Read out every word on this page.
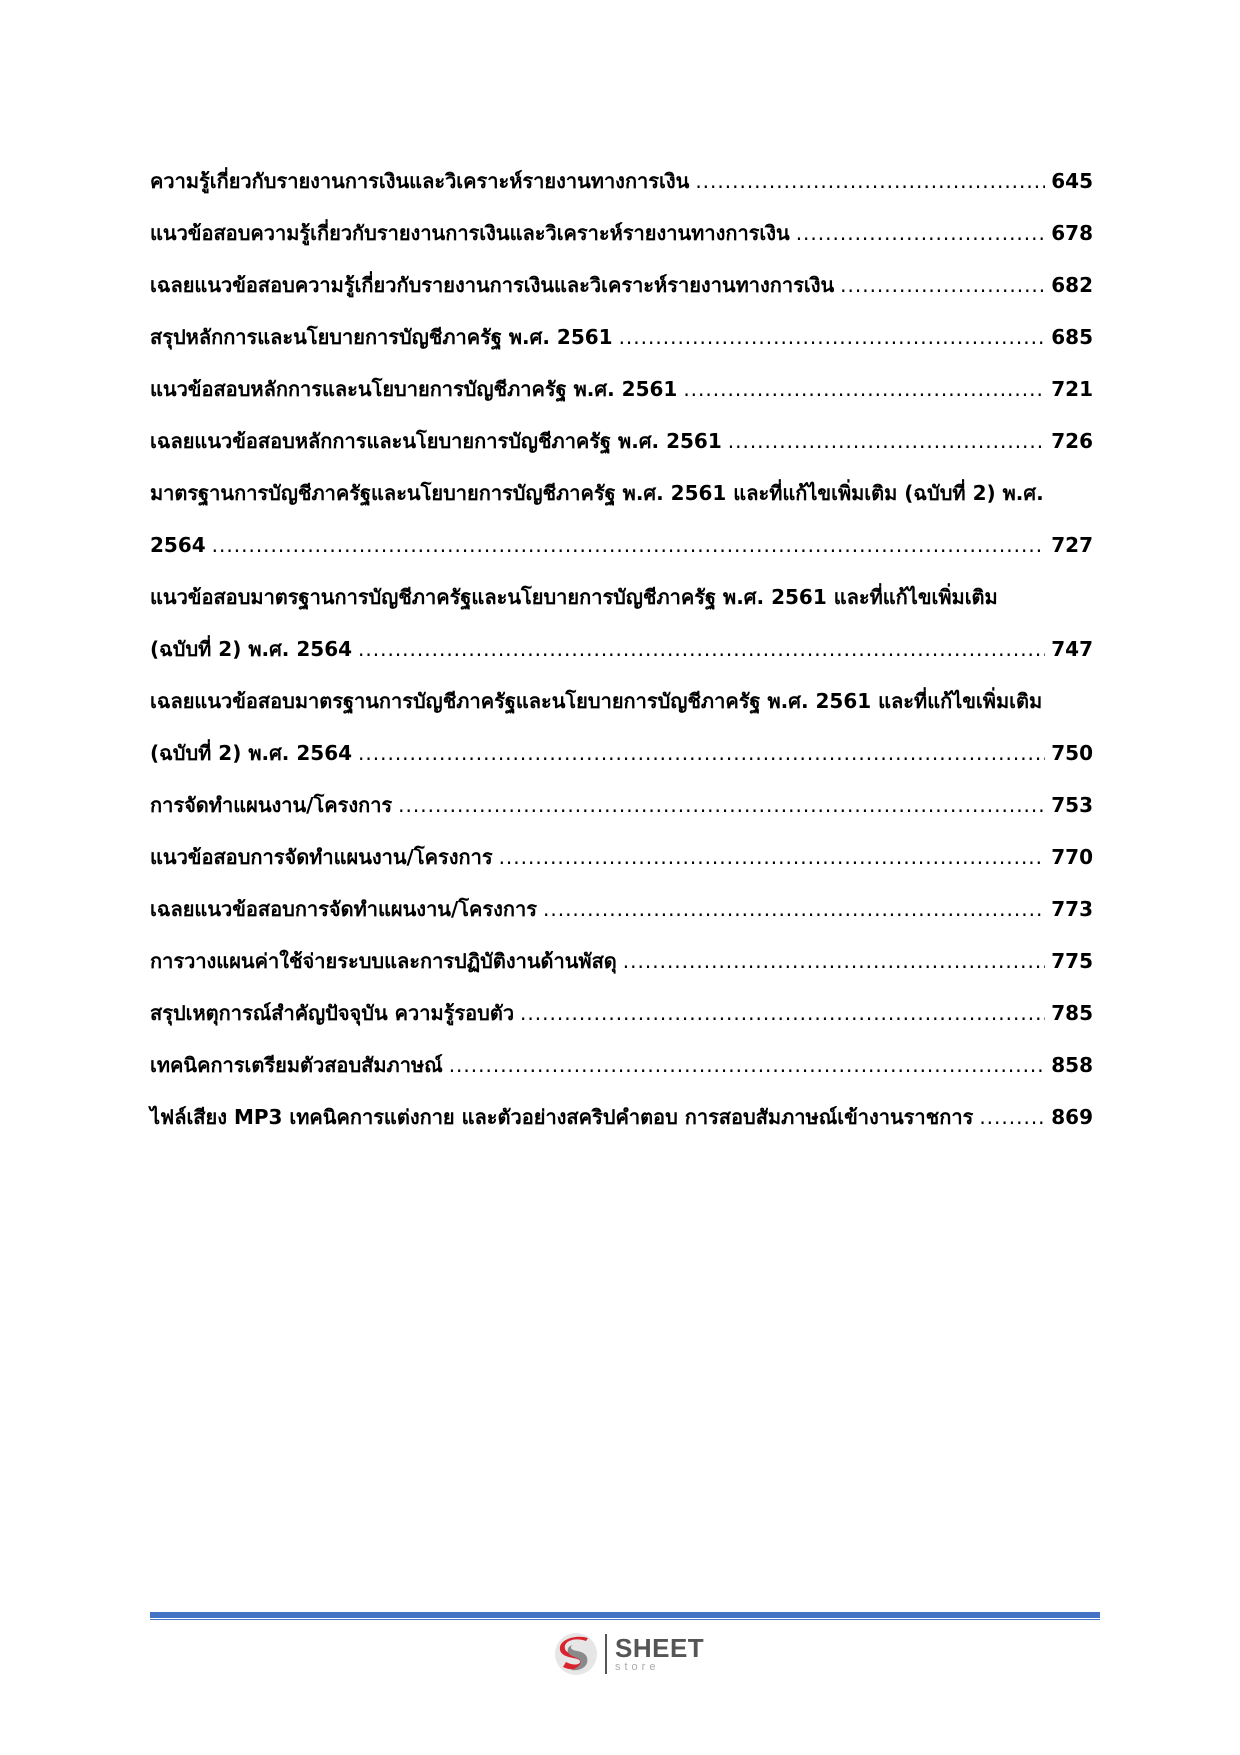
ความรู้เกี่ยวกับรายงานการเงินและวิเคราะห์รายงานทางการเงิน .....	645
แนวข้อสอบความรู้เกี่ยวกับรายงานการเงินและวิเคราะห์รายงานทางการเงิน .....	678
เฉลยแนวข้อสอบความรู้เกี่ยวกับรายงานการเงินและวิเคราะห์รายงานทางการเงิน .....	682
สรุปหลักการและนโยบายการบัญชีภาครัฐ พ.ศ. 2561 .....	685
แนวข้อสอบหลักการและนโยบายการบัญชีภาครัฐ พ.ศ. 2561 .....	721
เฉลยแนวข้อสอบหลักการและนโยบายการบัญชีภาครัฐ พ.ศ. 2561 .....	726
มาตรฐานการบัญชีภาครัฐและนโยบายการบัญชีภาครัฐ พ.ศ. 2561 และที่แก้ไขเพิ่มเติม (ฉบับที่ 2) พ.ศ.
2564 .....	727
แนวข้อสอบมาตรฐานการบัญชีภาครัฐและนโยบายการบัญชีภาครัฐ พ.ศ. 2561 และที่แก้ไขเพิ่มเติม
(ฉบับที่ 2) พ.ศ. 2564 .....	747
เฉลยแนวข้อสอบมาตรฐานการบัญชีภาครัฐและนโยบายการบัญชีภาครัฐ พ.ศ. 2561 และที่แก้ไขเพิ่มเติม
(ฉบับที่ 2) พ.ศ. 2564 .....	750
การจัดทำแผนงาน/โครงการ .....	753
แนวข้อสอบการจัดทำแผนงาน/โครงการ .....	770
เฉลยแนวข้อสอบการจัดทำแผนงาน/โครงการ .....	773
การวางแผนค่าใช้จ่ายระบบและการปฏิบัติงานด้านพัสดุ .....	775
สรุปเหตุการณ์สำคัญปัจจุบัน ความรู้รอบตัว .....	785
เทคนิคการเตรียมตัวสอบสัมภาษณ์ .....	858
ไฟล์เสียง MP3 เทคนิคการแต่งกาย และตัวอย่างสคริปคำตอบ การสอบสัมภาษณ์เข้างานราชการ .....	869
SHEET
store
